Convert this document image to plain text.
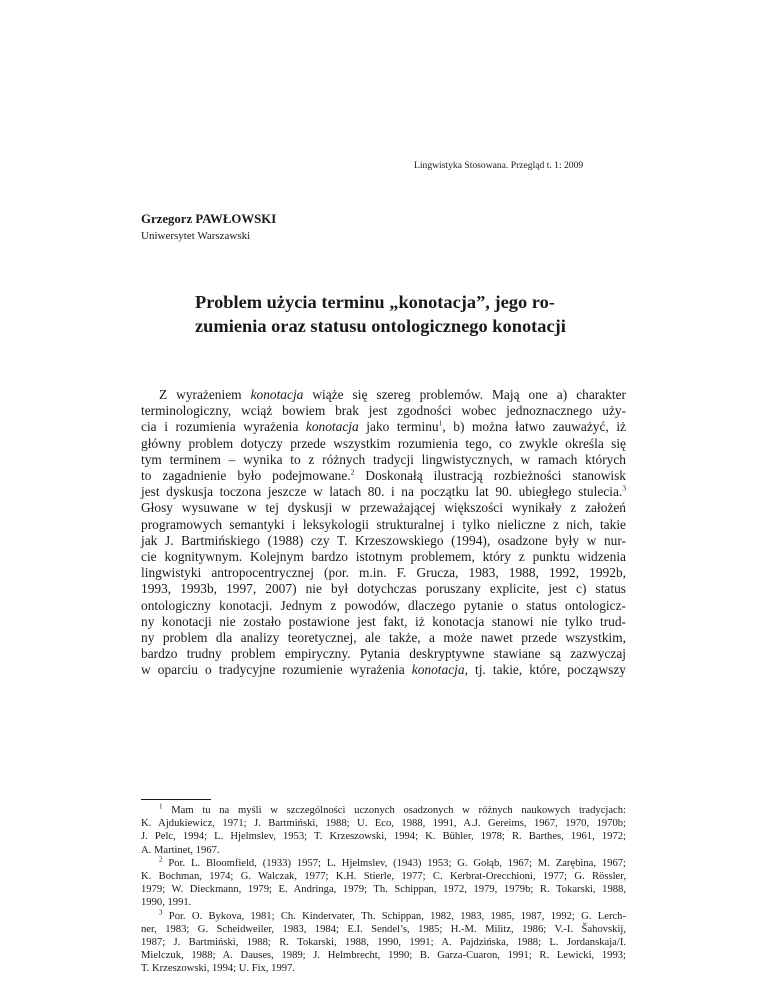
Lingwistyka Stosowana. Przegląd t. 1: 2009
Grzegorz PAWŁOWSKI
Uniwersytet Warszawski
Problem użycia terminu „konotacja”, jego ro-
zumienia oraz statusu ontologicznego konotacji
Z wyrażeniem konotacja wiąże się szereg problemów. Mają one a) charakter
terminologiczny, wciąż bowiem brak jest zgodności wobec jednoznacznego uży-
cia i rozumienia wyrażenia konotacja jako terminu$^1$, b) można łatwo zauważyć, iż
główny problem dotyczy przede wszystkim rozumienia tego, co zwykle określa się
tym terminem – wynika to z różnych tradycji lingwistycznych, w ramach których
to zagadnienie było podejmowane.$^2$ Doskonałą ilustracją rozbieżności stanowisk
jest dyskusja toczona jeszcze w latach 80. i na początku lat 90. ubiegłego stulecia.$^3$
Głosy wysuwane w tej dyskusji w przeważającej większości wynikały z założeń
programowych semantyki i leksykologii strukturalnej i tylko nieliczne z nich, takie
jak J. Bartmińskiego (1988) czy T. Krzeszowskiego (1994), osadzone były w nur-
cie kognitywnym. Kolejnym bardzo istotnym problemem, który z punktu widzenia
lingwistyki antropocentrycznej (por. m.in. F. Grucza, 1983, 1988, 1992, 1992b,
1993, 1993b, 1997, 2007) nie był dotychczas poruszany explicite, jest c) status
ontologiczny konotacji. Jednym z powodów, dlaczego pytanie o status ontologicz-
ny konotacji nie zostało postawione jest fakt, iż konotacja stanowi nie tylko trud-
ny problem dla analizy teoretycznej, ale także, a może nawet przede wszystkim,
bardzo trudny problem empiryczny. Pytania deskryptywne stawiane są zazwyczaj
w oparciu o tradycyjne rozumienie wyrażenia konotacja, tj. takie, które, począwszy
$^1$ Mam tu na myśli w szczególności uczonych osadzonych w różnych naukowych tradycjach:
K. Ajdukiewicz, 1971; J. Bartmiński, 1988; U. Eco, 1988, 1991, A.J. Gereims, 1967, 1970, 1970b;
J. Pelc, 1994; L. Hjelmslev, 1953; T. Krzeszowski, 1994; K. Bühler, 1978; R. Barthes, 1961, 1972;
A. Martinet, 1967.
$^2$ Por. L. Bloomfield, (1933) 1957; L. Hjelmslev, (1943) 1953; G. Gołąb, 1967; M. Zarębina, 1967;
K. Bochman, 1974; G. Walczak, 1977; K.H. Stierle, 1977; C. Kerbrat-Orecchioni, 1977; G. Rössler,
1979; W. Dieckmann, 1979; E. Andringa, 1979; Th. Schippan, 1972, 1979, 1979b; R. Tokarski, 1988,
1990, 1991.
$^3$ Por. O. Bykova, 1981; Ch. Kindervater, Th. Schippan, 1982, 1983, 1985, 1987, 1992; G. Lerch-
ner, 1983; G. Scheidweiler, 1983, 1984; E.I. Sendel’s, 1985; H.-M. Militz, 1986; V.-I. Šahovskij,
1987; J. Bartmiński, 1988; R. Tokarski, 1988, 1990, 1991; A. Pajdzińska, 1988; L. Jordanskaja/I.
Mielczuk, 1988; A. Dauses, 1989; J. Helmbrecht, 1990; B. Garza-Cuaron, 1991; R. Lewicki, 1993;
T. Krzeszowski, 1994; U. Fix, 1997.
